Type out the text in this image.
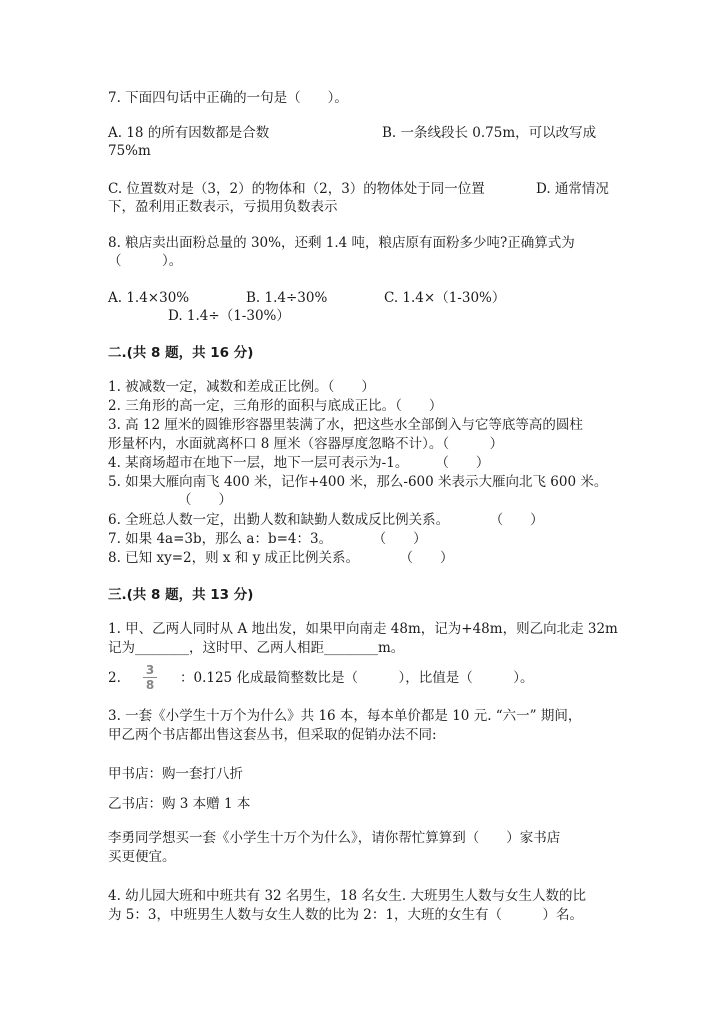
7. 下面四句话中正确的一句是（　　）。
A. 18 的所有因数都是合数	B. 一条线段长 0.75m，可以改写成
75%m
C. 位置数对是（3，2）的物体和（2，3）的物体处于同一位置	D. 通常情况
下，盈利用正数表示，亏损用负数表示
8. 粮店卖出面粉总量的 30%，还剩 1.4 吨，粮店原有面粉多少吨?正确算式为
（　　　）。
A. 1.4×30%	B. 1.4÷30%	C. 1.4×（1-30%）
D. 1.4÷（1-30%）
二.(共 8 题，共 16 分)
1. 被减数一定，减数和差成正比例。（　　）
2. 三角形的高一定，三角形的面积与底成正比。（　　）
3. 高 12 厘米的圆锥形容器里装满了水，把这些水全部倒入与它等底等高的圆柱
形量杯内，水面就离杯口 8 厘米（容器厚度忽略不计）。（　　　）
4. 某商场超市在地下一层，地下一层可表示为-1。　　　（　　）
5. 如果大雁向南飞 400 米，记作+400 米，那么-600 米表示大雁向北飞 600 米。
（　　）
6. 全班总人数一定，出勤人数和缺勤人数成反比例关系。　　　　（　　）
7. 如果 4a=3b，那么 a：b=4：3。　　　　（　　）
8. 已知 xy=2，则 x 和 y 成正比例关系。　　　　（　　）
三.(共 8 题，共 13 分)
1. 甲、乙两人同时从 A 地出发，如果甲向南走 48m，记为+48m，则乙向北走 32m
记为________，这时甲、乙两人相距________m。
2. 3
8 ：0.125 化成最简整数比是（　　　），比值是（　　　）。
3. 一套《小学生十万个为什么》共 16 本，每本单价都是 10 元. “六一” 期间，
甲乙两个书店都出售这套丛书，但采取的促销办法不同:
甲书店：购一套打八折
乙书店：购 3 本赠 1 本
李勇同学想买一套《小学生十万个为什么》，请你帮忙算算到（　　）家书店
买更便宜。
4. 幼儿园大班和中班共有 32 名男生，18 名女生. 大班男生人数与女生人数的比
为 5：3，中班男生人数与女生人数的比为 2：1，大班的女生有（　　　）名。
